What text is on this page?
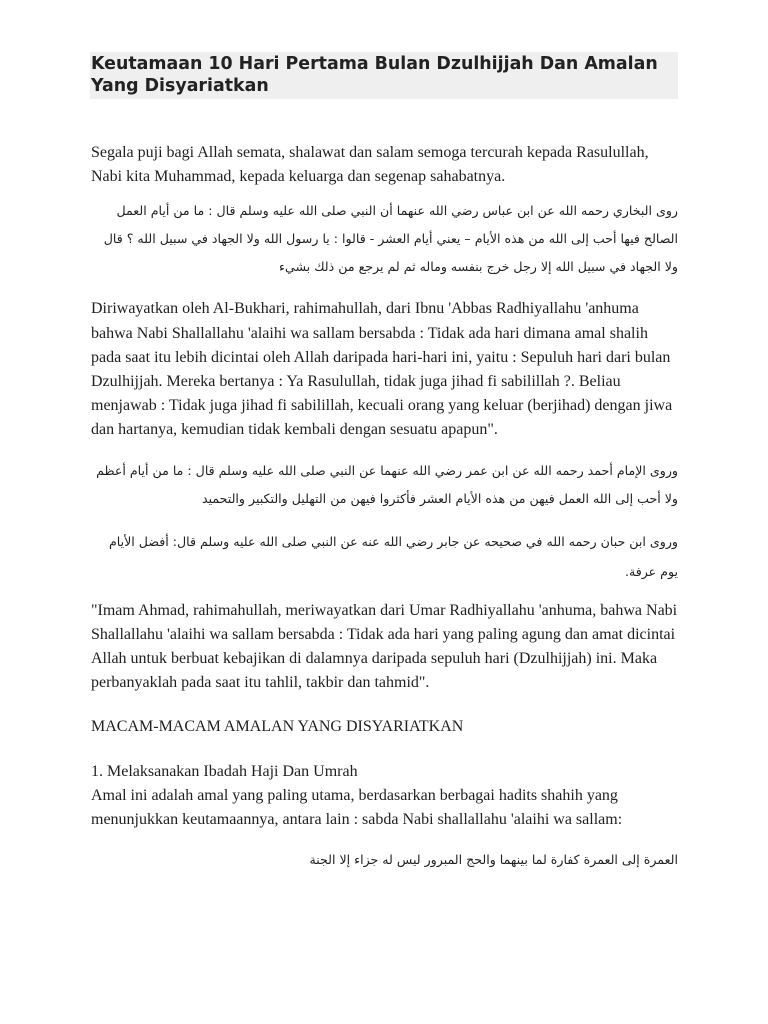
Keutamaan 10 Hari Pertama Bulan Dzulhijjah Dan Amalan Yang Disyariatkan

Segala puji bagi Allah semata, shalawat dan salam semoga tercurah kepada Rasulullah, Nabi kita Muhammad, kepada keluarga dan segenap sahabatnya.

روى البخاري رحمه الله عن ابن عباس رضي الله عنهما أن النبي صلى الله عليه وسلم قال : ما من أيام العمل الصالح فيها أحب إلى الله من هذه الأيام – يعني أيام العشر - قالوا : يا رسول الله ولا الجهاد في سبيل الله ؟ قال ولا الجهاد في سبيل الله إلا رجل خرج بنفسه وماله ثم لم يرجع من ذلك بشيء

Diriwayatkan oleh Al-Bukhari, rahimahullah, dari Ibnu 'Abbas Radhiyallahu 'anhuma bahwa Nabi Shallallahu 'alaihi wa sallam bersabda : Tidak ada hari dimana amal shalih pada saat itu lebih dicintai oleh Allah daripada hari-hari ini, yaitu : Sepuluh hari dari bulan Dzulhijjah. Mereka bertanya : Ya Rasulullah, tidak juga jihad fi sabilillah ?. Beliau menjawab : Tidak juga jihad fi sabilillah, kecuali orang yang keluar (berjihad) dengan jiwa dan hartanya, kemudian tidak kembali dengan sesuatu apapun".

وروى الإمام أحمد رحمه الله عن ابن عمر رضي الله عنهما عن النبي صلى الله عليه وسلم قال : ما من أيام أعظم ولا أحب إلى الله العمل فيهن من هذه الأيام العشر فأكثروا فيهن من التهليل والتكبير والتحميد

وروى ابن حبان رحمه الله في صحيحه عن جابر رضي الله عنه عن النبي صلى الله عليه وسلم قال: أفضل الأيام يوم عرفة.

"Imam Ahmad, rahimahullah, meriwayatkan dari Umar Radhiyallahu 'anhuma, bahwa Nabi Shallallahu 'alaihi wa sallam bersabda : Tidak ada hari yang paling agung dan amat dicintai Allah untuk berbuat kebajikan di dalamnya daripada sepuluh hari (Dzulhijjah) ini. Maka perbanyaklah pada saat itu tahlil, takbir dan tahmid".

MACAM-MACAM AMALAN YANG DISYARIATKAN

1. Melaksanakan Ibadah Haji Dan Umrah

Amal ini adalah amal yang paling utama, berdasarkan berbagai hadits shahih yang menunjukkan keutamaannya, antara lain : sabda Nabi shallallahu 'alaihi wa sallam:

العمرة إلى العمرة كفارة لما بينهما والحج المبرور ليس له جزاء إلا الجنة
